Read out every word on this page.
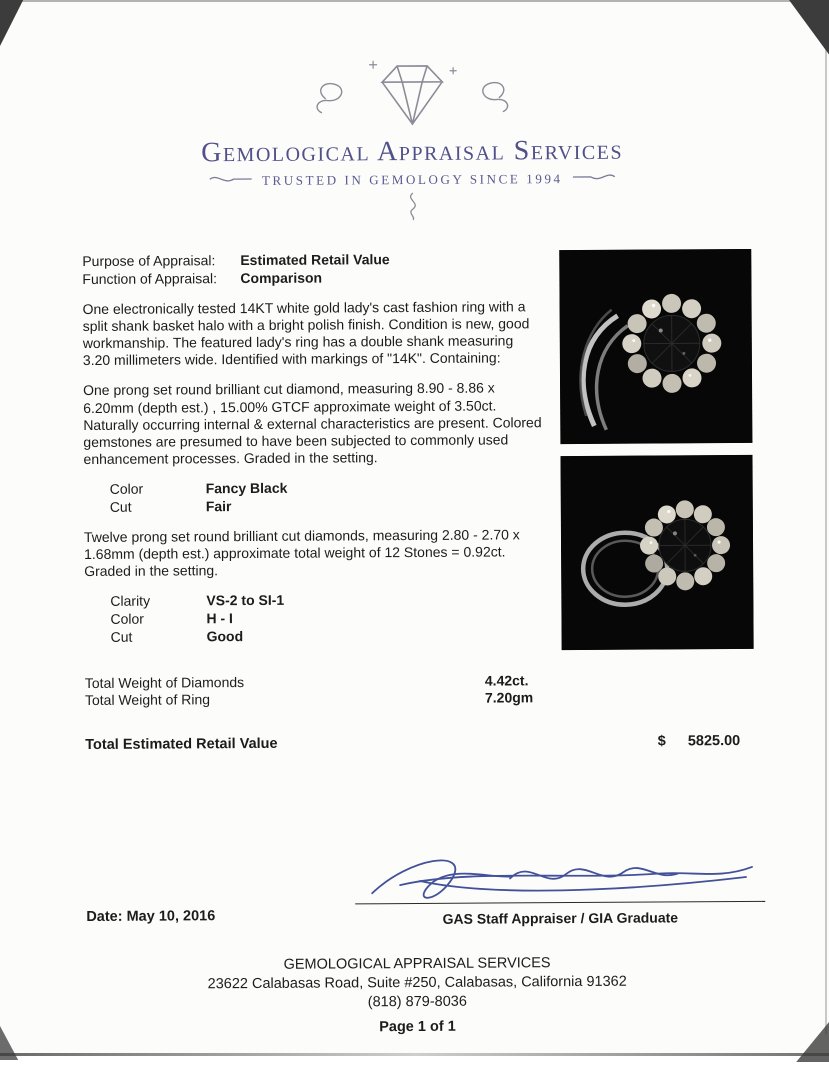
Gemological Appraisal Services
TRUSTED IN GEMOLOGY SINCE 1994
Purpose of Appraisal:	Estimated Retail Value
Function of Appraisal:	Comparison

One electronically tested 14KT white gold lady's cast fashion ring with a split shank basket halo with a bright polish finish. Condition is new, good workmanship. The featured lady's ring has a double shank measuring 3.20 millimeters wide. Identified with markings of "14K". Containing:

One prong set round brilliant cut diamond, measuring 8.90 - 8.86 x 6.20mm (depth est.) , 15.00% GTCF approximate weight of 3.50ct. Naturally occurring internal & external characteristics are present. Colored gemstones are presumed to have been subjected to commonly used enhancement processes. Graded in the setting.

Color	Fancy Black
Cut	Fair

Twelve prong set round brilliant cut diamonds, measuring 2.80 - 2.70 x 1.68mm (depth est.) approximate total weight of 12 Stones = 0.92ct. Graded in the setting.

Clarity	VS-2 to SI-1
Color	H - I
Cut	Good
Total Weight of Diamonds	4.42ct.
Total Weight of Ring	7.20gm
Total Estimated Retail Value	$ 5825.00
Date: May 10, 2016	GAS Staff Appraiser / GIA Graduate
GEMOLOGICAL APPRAISAL SERVICES
23622 Calabasas Road, Suite #250, Calabasas, California 91362
(818) 879-8036
Page 1 of 1
